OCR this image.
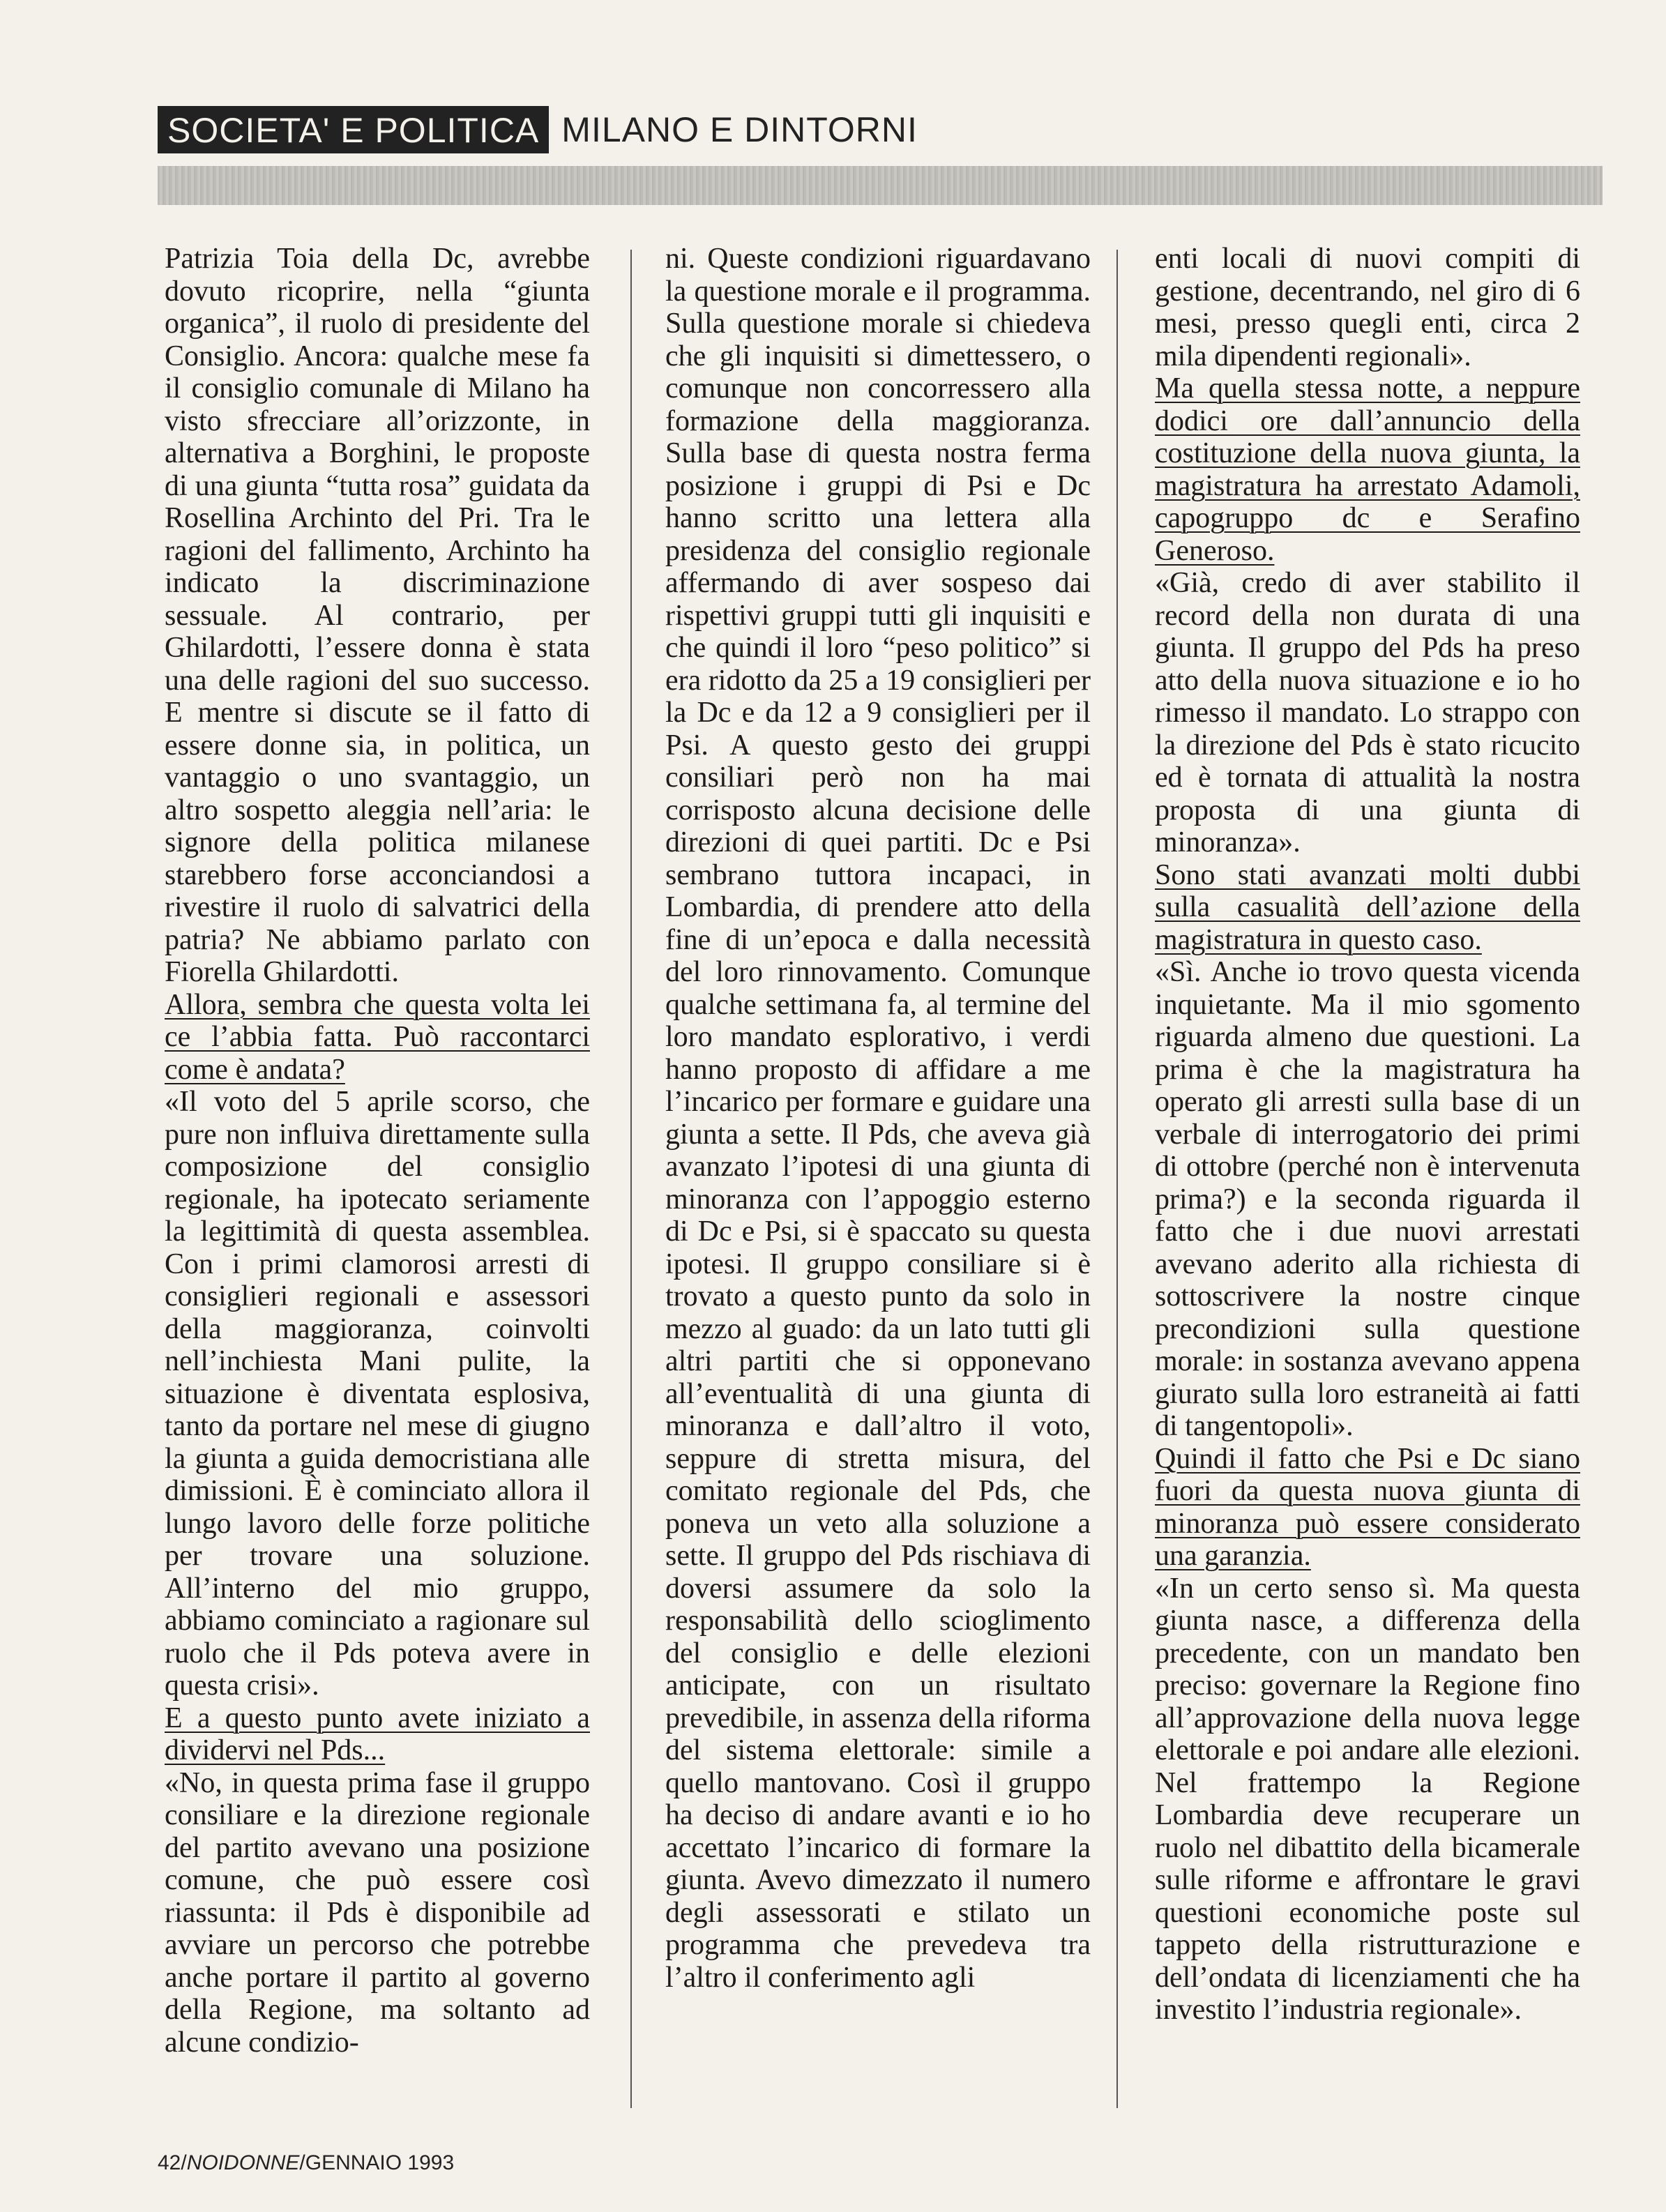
SOCIETA' E POLITICA MILANO E DINTORNI

Patrizia Toia della Dc, avrebbe dovuto ricoprire, nella “giunta organica”, il ruolo di presidente del Consiglio. Ancora: qualche mese fa il consiglio comunale di Milano ha visto sfrecciare all’orizzonte, in alternativa a Borghini, le proposte di una giunta “tutta rosa” guidata da Rosellina Archinto del Pri. Tra le ragioni del fallimento, Archinto ha indicato la discriminazione sessuale. Al contrario, per Ghilardotti, l’essere donna è stata una delle ragioni del suo successo. E mentre si discute se il fatto di essere donne sia, in politica, un vantaggio o uno svantaggio, un altro sospetto aleggia nell’aria: le signore della politica milanese starebbero forse acconciandosi a rivestire il ruolo di salvatrici della patria? Ne abbiamo parlato con Fiorella Ghilardotti.

Allora, sembra che questa volta lei ce l’abbia fatta. Può raccontarci come è andata?

«Il voto del 5 aprile scorso, che pure non influiva direttamente sulla composizione del consiglio regionale, ha ipotecato seriamente la legittimità di questa assemblea. Con i primi clamorosi arresti di consiglieri regionali e assessori della maggioranza, coinvolti nell’inchiesta Mani pulite, la situazione è diventata esplosiva, tanto da portare nel mese di giugno la giunta a guida democristiana alle dimissioni. È è cominciato allora il lungo lavoro delle forze politiche per trovare una soluzione. All’interno del mio gruppo, abbiamo cominciato a ragionare sul ruolo che il Pds poteva avere in questa crisi».

E a questo punto avete iniziato a dividervi nel Pds...

«No, in questa prima fase il gruppo consiliare e la direzione regionale del partito avevano una posizione comune, che può essere così riassunta: il Pds è disponibile ad avviare un percorso che potrebbe anche portare il partito al governo della Regione, ma soltanto ad alcune condizio-

ni. Queste condizioni riguardavano la questione morale e il programma. Sulla questione morale si chiedeva che gli inquisiti si dimettessero, o comunque non concorressero alla formazione della maggioranza. Sulla base di questa nostra ferma posizione i gruppi di Psi e Dc hanno scritto una lettera alla presidenza del consiglio regionale affermando di aver sospeso dai rispettivi gruppi tutti gli inquisiti e che quindi il loro “peso politico” si era ridotto da 25 a 19 consiglieri per la Dc e da 12 a 9 consiglieri per il Psi. A questo gesto dei gruppi consiliari però non ha mai corrisposto alcuna decisione delle direzioni di quei partiti. Dc e Psi sembrano tuttora incapaci, in Lombardia, di prendere atto della fine di un’epoca e dalla necessità del loro rinnovamento. Comunque qualche settimana fa, al termine del loro mandato esplorativo, i verdi hanno proposto di affidare a me l’incarico per formare e guidare una giunta a sette. Il Pds, che aveva già avanzato l’ipotesi di una giunta di minoranza con l’appoggio esterno di Dc e Psi, si è spaccato su questa ipotesi. Il gruppo consiliare si è trovato a questo punto da solo in mezzo al guado: da un lato tutti gli altri partiti che si opponevano all’eventualità di una giunta di minoranza e dall’altro il voto, seppure di stretta misura, del comitato regionale del Pds, che poneva un veto alla soluzione a sette. Il gruppo del Pds rischiava di doversi assumere da solo la responsabilità dello scioglimento del consiglio e delle elezioni anticipate, con un risultato prevedibile, in assenza della riforma del sistema elettorale: simile a quello mantovano. Così il gruppo ha deciso di andare avanti e io ho accettato l’incarico di formare la giunta. Avevo dimezzato il numero degli assessorati e stilato un programma che prevedeva tra l’altro il conferimento agli

enti locali di nuovi compiti di gestione, decentrando, nel giro di 6 mesi, presso quegli enti, circa 2 mila dipendenti regionali».

Ma quella stessa notte, a neppure dodici ore dall’annuncio della costituzione della nuova giunta, la magistratura ha arrestato Adamoli, capogruppo dc e Serafino Generoso.

«Già, credo di aver stabilito il record della non durata di una giunta. Il gruppo del Pds ha preso atto della nuova situazione e io ho rimesso il mandato. Lo strappo con la direzione del Pds è stato ricucito ed è tornata di attualità la nostra proposta di una giunta di minoranza».

Sono stati avanzati molti dubbi sulla casualità dell’azione della magistratura in questo caso.

«Sì. Anche io trovo questa vicenda inquietante. Ma il mio sgomento riguarda almeno due questioni. La prima è che la magistratura ha operato gli arresti sulla base di un verbale di interrogatorio dei primi di ottobre (perché non è intervenuta prima?) e la seconda riguarda il fatto che i due nuovi arrestati avevano aderito alla richiesta di sottoscrivere la nostre cinque precondizioni sulla questione morale: in sostanza avevano appena giurato sulla loro estraneità ai fatti di tangentopoli».

Quindi il fatto che Psi e Dc siano fuori da questa nuova giunta di minoranza può essere considerato una garanzia.

«In un certo senso sì. Ma questa giunta nasce, a differenza della precedente, con un mandato ben preciso: governare la Regione fino all’approvazione della nuova legge elettorale e poi andare alle elezioni. Nel frattempo la Regione Lombardia deve recuperare un ruolo nel dibattito della bicamerale sulle riforme e affrontare le gravi questioni economiche poste sul tappeto della ristrutturazione e dell’ondata di licenziamenti che ha investito l’industria regionale».

42/NOIDONNE/GENNAIO 1993
